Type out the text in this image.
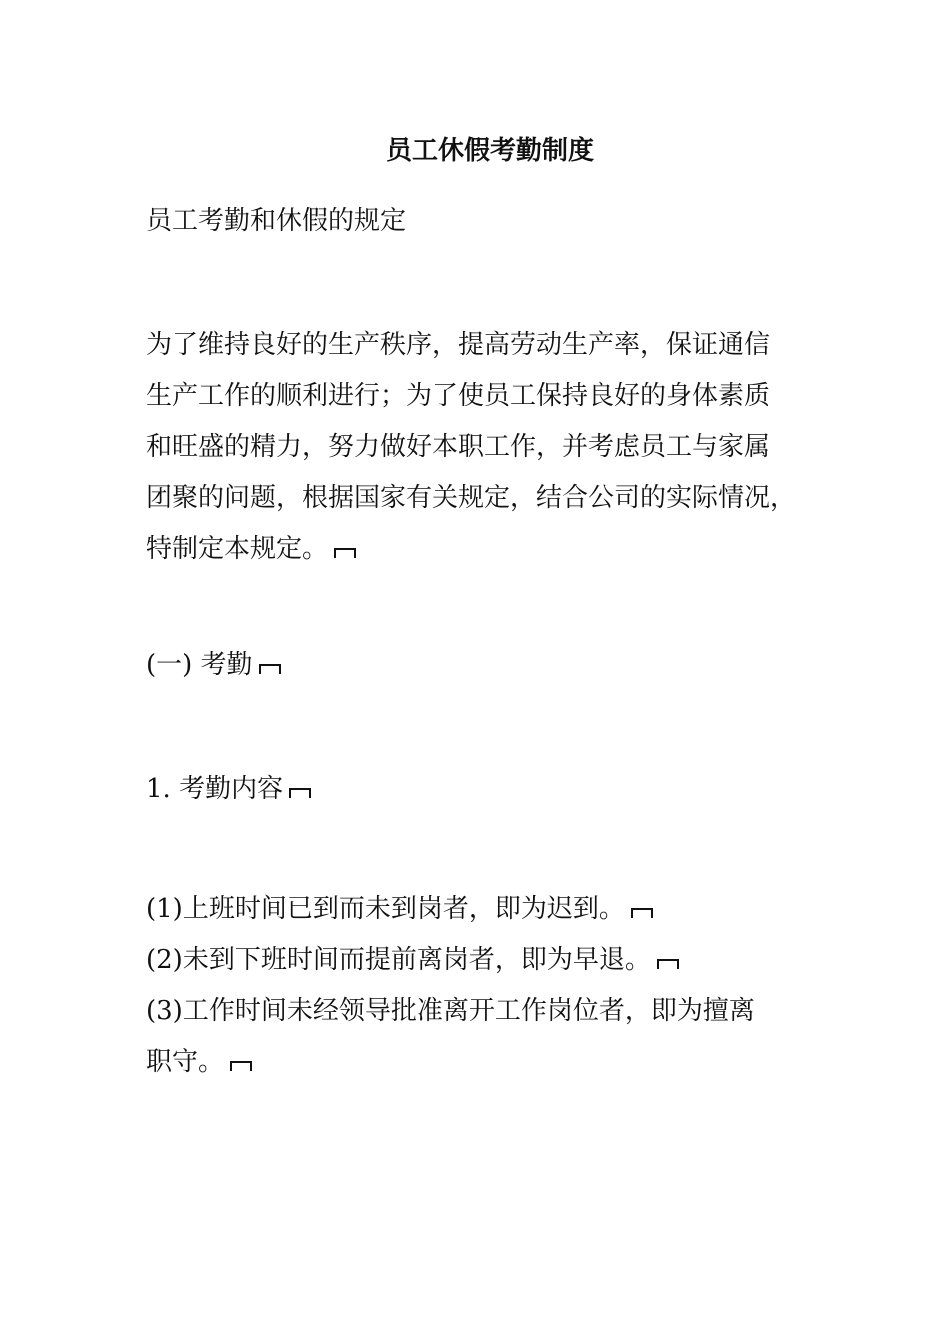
员工休假考勤制度
员工考勤和休假的规定
为了维持良好的生产秩序，提高劳动生产率，保证通信
生产工作的顺利进行；为了使员工保持良好的身体素质
和旺盛的精力，努力做好本职工作，并考虑员工与家属
团聚的问题，根据国家有关规定，结合公司的实际情况，
特制定本规定。
(一) 考勤
1. 考勤内容
(1)上班时间已到而未到岗者，即为迟到。
(2)未到下班时间而提前离岗者，即为早退。
(3)工作时间未经领导批准离开工作岗位者，即为擅离
职守。
